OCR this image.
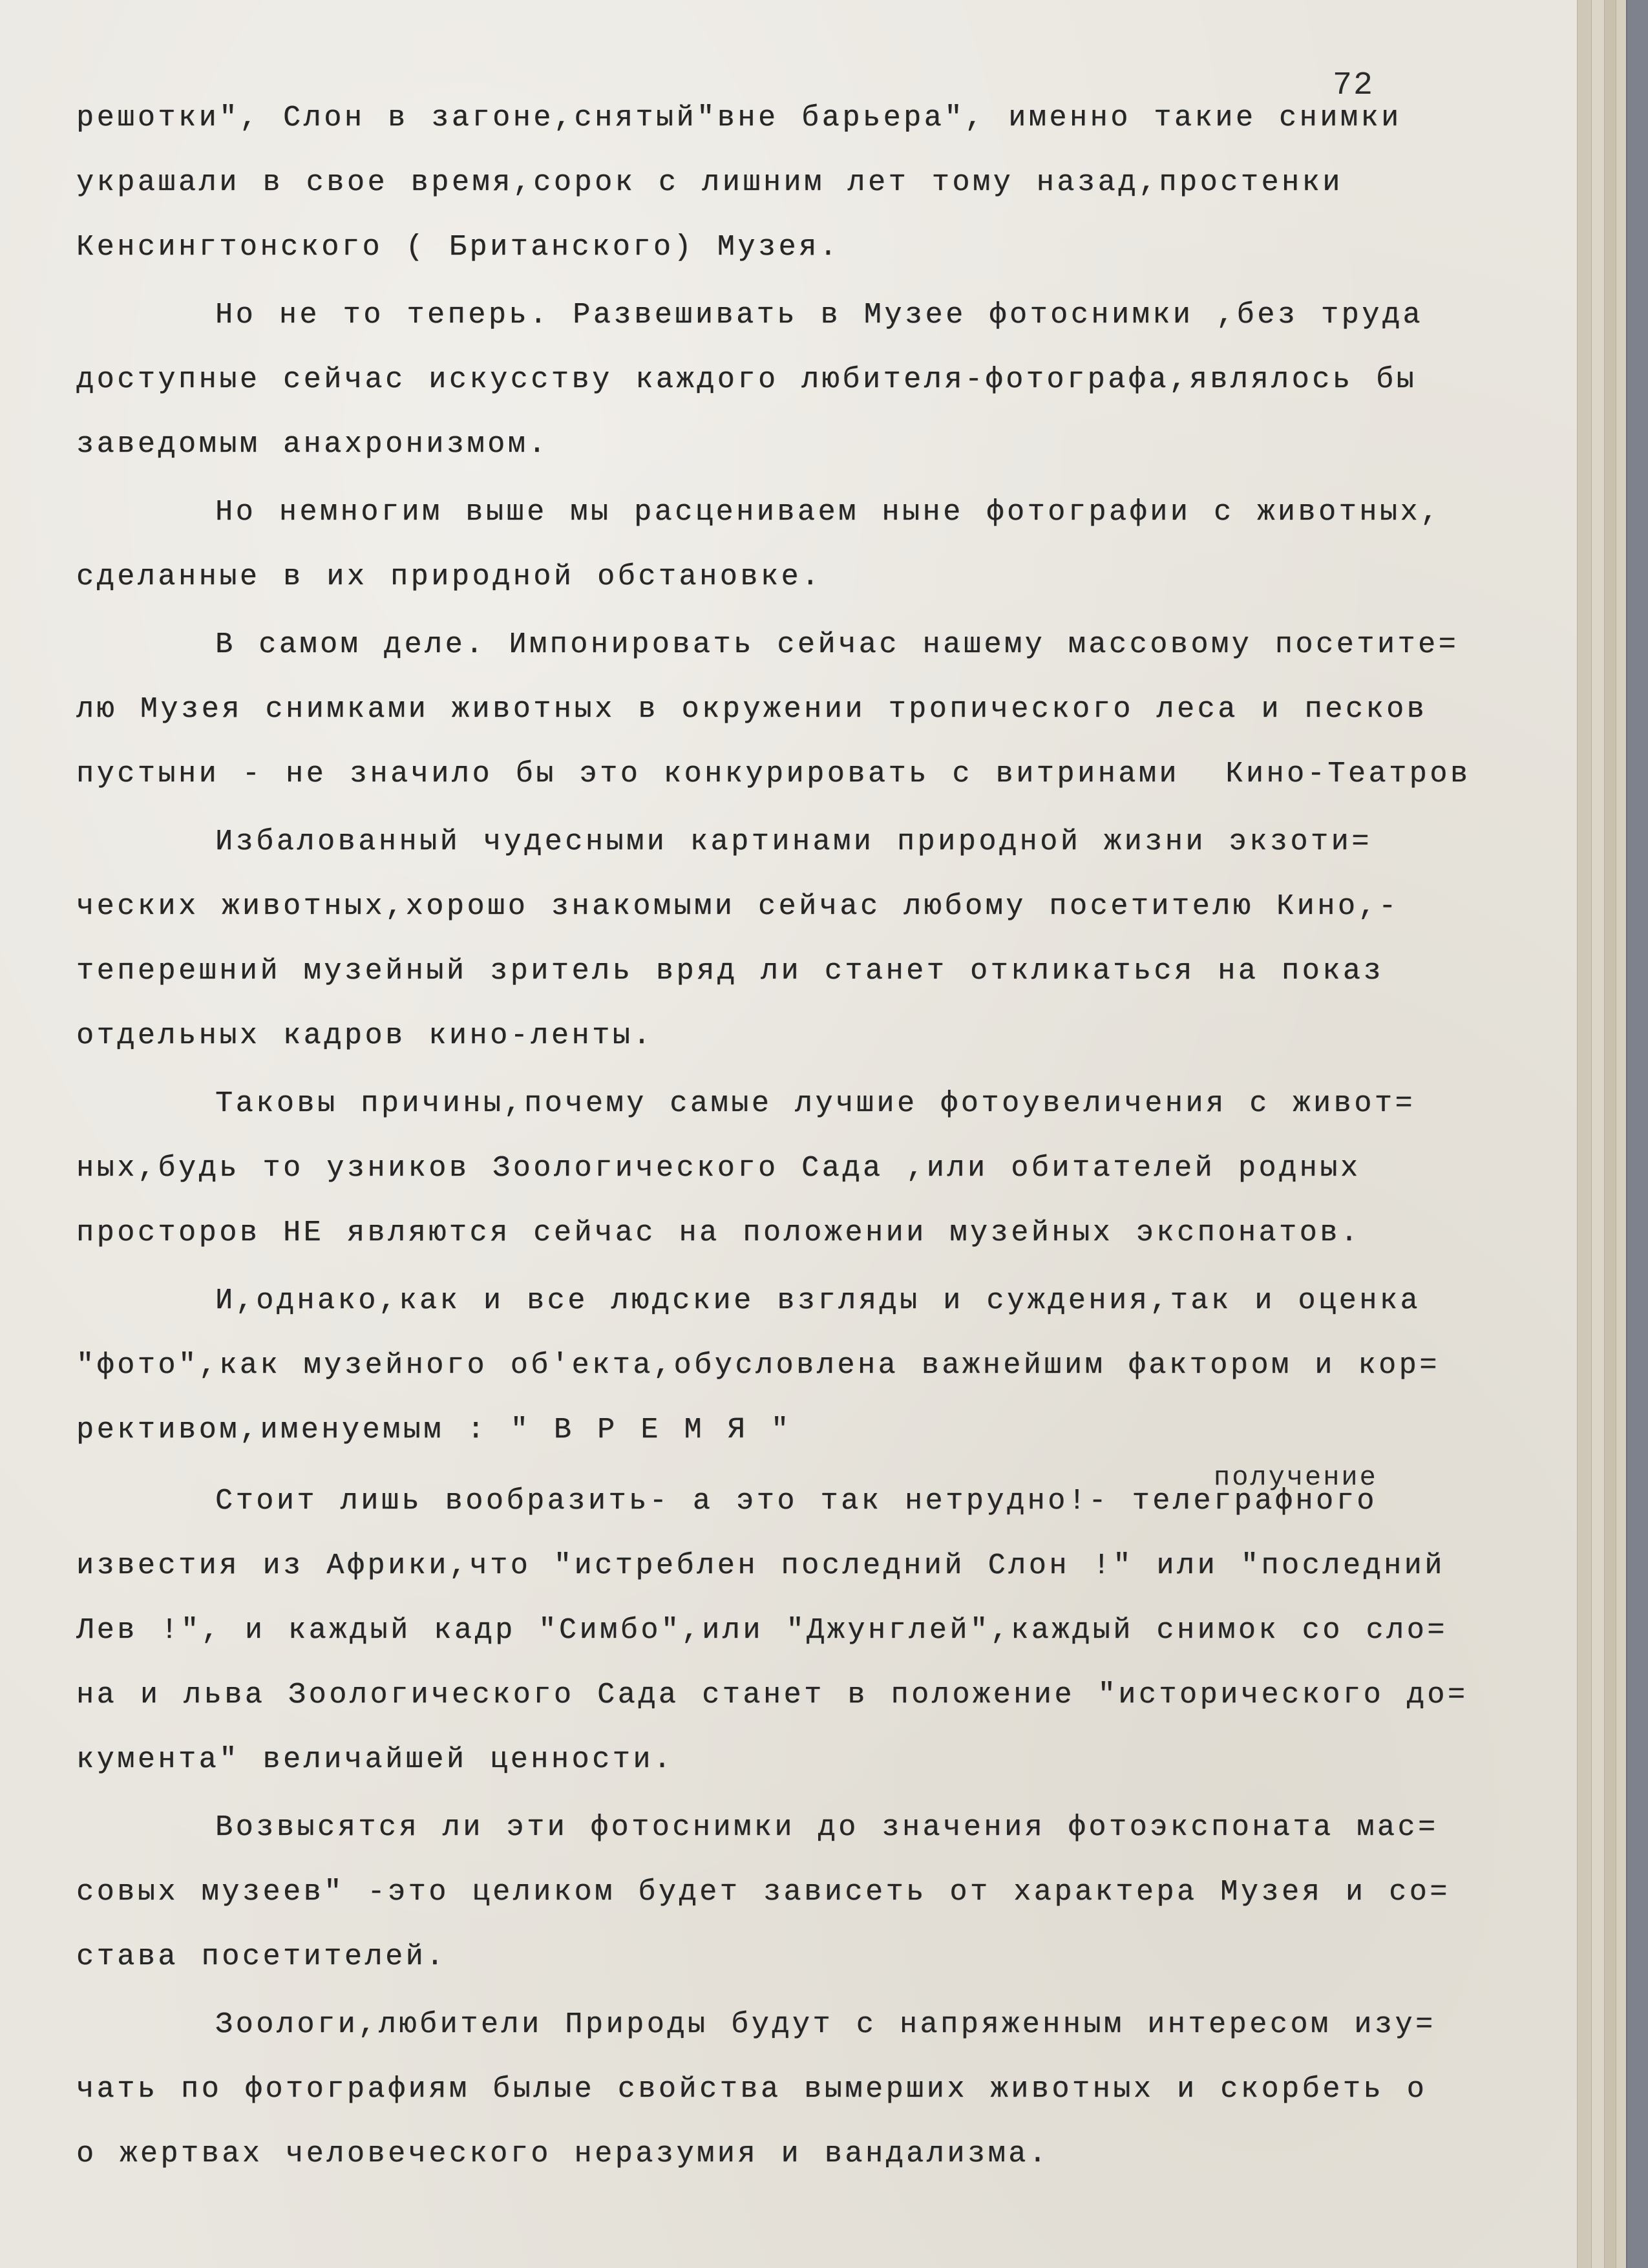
72
получение
решотки", Слон в загоне,снятый"вне барьера", именно такие снимки
украшали в свое время,сорок с лишним лет тому назад,простенки
Кенсингтонского ( Британского) Музея.
Но не то теперь. Развешивать в Музее фотоснимки ,без труда
доступные сейчас искусству каждого любителя-фотографа,являлось бы
заведомым анахронизмом.
Но немногим выше мы расцениваем ныне фотографии с животных,
сделанные в их природной обстановке.
В самом деле. Импонировать сейчас нашему массовому посетите=
лю Музея снимками животных в окружении тропического леса и песков
пустыни - не значило бы это конкурировать с витринами  Кино-Театров
Избалованный чудесными картинами природной жизни экзоти=
ческих животных,хорошо знакомыми сейчас любому посетителю Кино,-
теперешний музейный зритель вряд ли станет откликаться на показ
отдельных кадров кино-ленты.
Таковы причины,почему самые лучшие фотоувеличения с живот=
ных,будь то узников Зоологического Сада ,или обитателей родных
просторов НЕ являются сейчас на положении музейных экспонатов.
И,однако,как и все людские взгляды и суждения,так и оценка
"фото",как музейного об'екта,обусловлена важнейшим фактором и кор=
рективом,именуемым : " В Р Е М Я "
Стоит лишь вообразить- а это так нетрудно!- телеграфного
известия из Африки,что "истреблен последний Слон !" или "последний
Лев !", и каждый кадр "Симбо",или "Джунглей",каждый снимок со сло=
на и льва Зоологического Сада станет в положение "исторического до=
кумента" величайшей ценности.
Возвысятся ли эти фотоснимки до значения фотоэкспоната мас=
совых музеев" -это целиком будет зависеть от характера Музея и со=
става посетителей.
Зоологи,любители Природы будут с напряженным интересом изу=
чать по фотографиям былые свойства вымерших животных и скорбеть о
о жертвах человеческого неразумия и вандализма.
